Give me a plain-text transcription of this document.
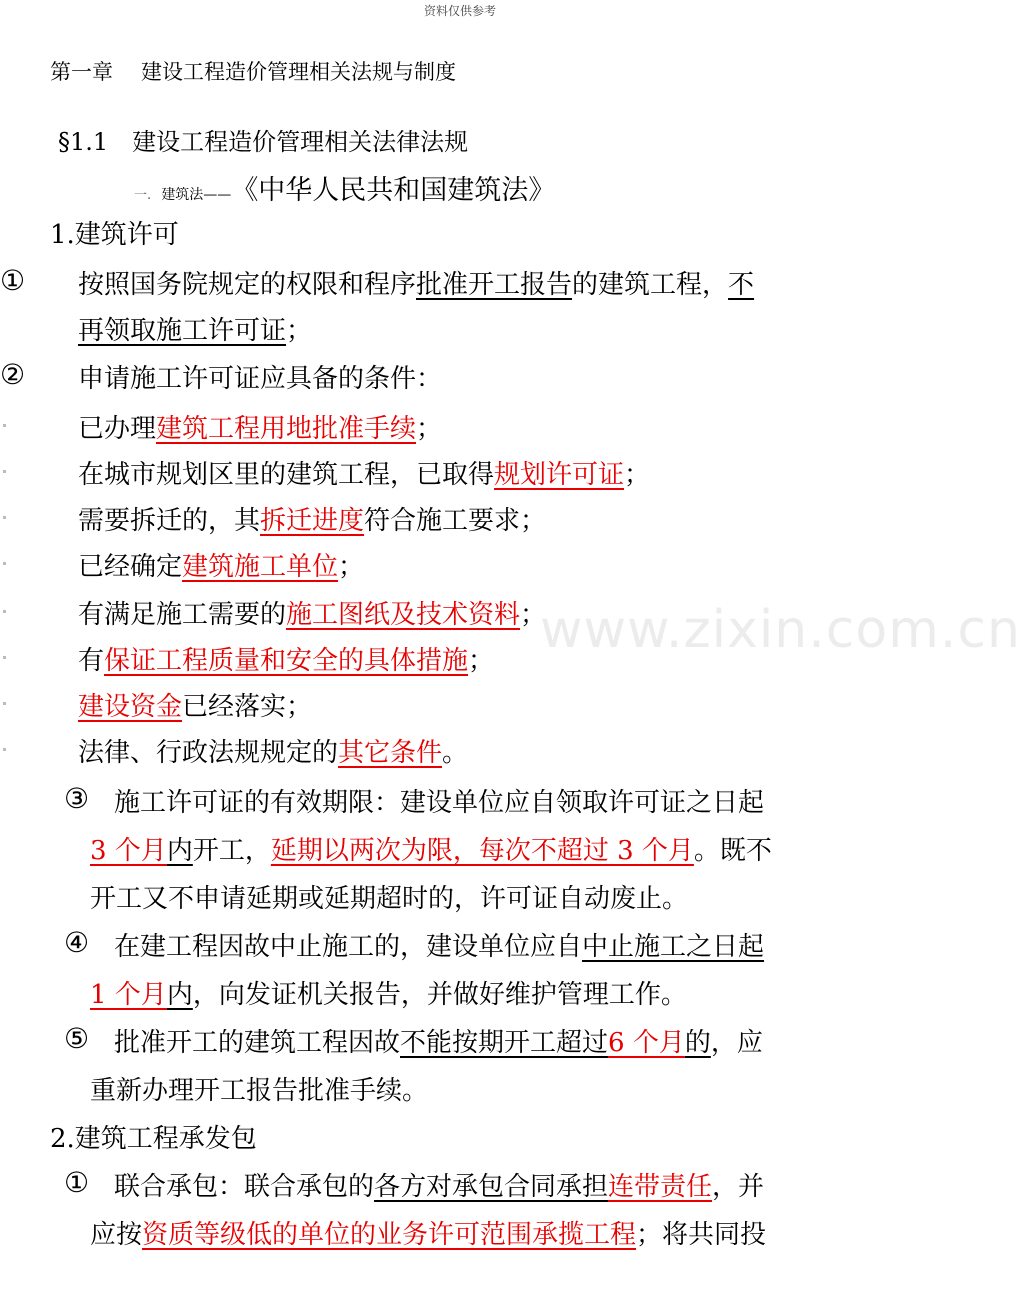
资料仅供参考
www.zixin.com.cn
第一章 建设工程造价管理相关法规与制度
§1.1 建设工程造价管理相关法律法规
一. 建筑法——《中华人民共和国建筑法》
1.建筑许可
① 按照国务院规定的权限和程序批准开工报告的建筑工程，不
再领取施工许可证；
② 申请施工许可证应具备的条件：
已办理建筑工程用地批准手续；
在城市规划区里的建筑工程，已取得规划许可证；
需要拆迁的，其拆迁进度符合施工要求；
已经确定建筑施工单位；
有满足施工需要的施工图纸及技术资料；
有保证工程质量和安全的具体措施；
建设资金已经落实；
法律、行政法规规定的其它条件。
③ 施工许可证的有效期限：建设单位应自领取许可证之日起
3 个月内开工，延期以两次为限，每次不超过 3 个月。既不
开工又不申请延期或延期超时的，许可证自动废止。
④ 在建工程因故中止施工的，建设单位应自中止施工之日起
1 个月内，向发证机关报告，并做好维护管理工作。
⑤ 批准开工的建筑工程因故不能按期开工超过6 个月的，应
重新办理开工报告批准手续。
2.建筑工程承发包
① 联合承包：联合承包的各方对承包合同承担连带责任，并
应按资质等级低的单位的业务许可范围承揽工程；将共同投
